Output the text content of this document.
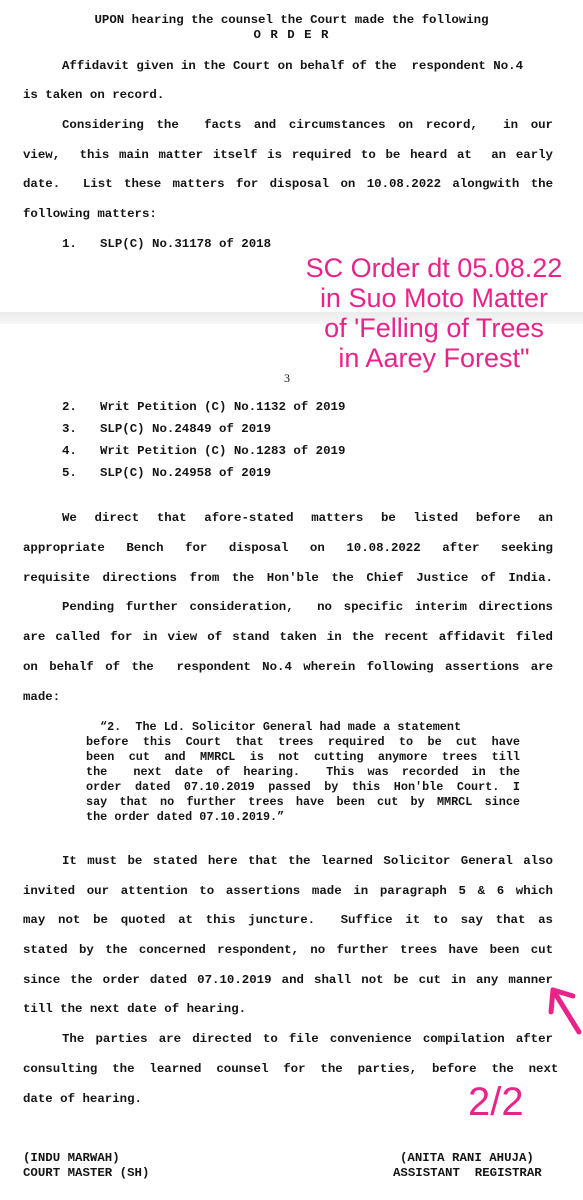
UPON hearing the counsel the Court made the following
O R D E R
Affidavit given in the Court on behalf of the  respondent No.4
is taken on record.
Considering the  facts and circumstances on record,  in our
view,  this main matter itself is required to be heard at  an early
date.  List these matters for disposal on 10.08.2022 alongwith the
following matters:
1. SLP(C) No.31178 of 2018
3
SC Order dt 05.08.22
in Suo Moto Matter
of 'Felling of Trees
in Aarey Forest"
2. Writ Petition (C) No.1132 of 2019
3. SLP(C) No.24849 of 2019
4. Writ Petition (C) No.1283 of 2019
5. SLP(C) No.24958 of 2019
We  direct  that  afore-stated  matters  be  listed  before  an
appropriate  Bench  for  disposal  on  10.08.2022  after  seeking
requisite directions from the Hon'ble the Chief Justice of India.
Pending further consideration,  no specific interim directions
are called for in view of stand taken in the recent affidavit filed
on behalf of the  respondent No.4 wherein following assertions are
made:
“2.  The Ld. Solicitor General had made a statement
before this Court that trees required to be cut have
been cut and MMRCL is not cutting anymore trees till
the  next date of hearing.  This was recorded in the
order dated 07.10.2019 passed by this Hon'ble Court. I
say that no further trees have been cut by MMRCL since
the order dated 07.10.2019.”
It must be stated here that the learned Solicitor General also
invited our attention to assertions made in paragraph 5 & 6 which
may not be quoted at this juncture.  Suffice it to say that as
stated by the concerned respondent, no further trees have been cut
since the order dated 07.10.2019 and shall not be cut in any manner
till the next date of hearing.
The parties are directed to file convenience compilation after
consulting  the  learned  counsel  for  the  parties,  before  the  next
date of hearing.	2/2
(INDU MARWAH)
COURT MASTER (SH)
(ANITA RANI AHUJA)
ASSISTANT  REGISTRAR
